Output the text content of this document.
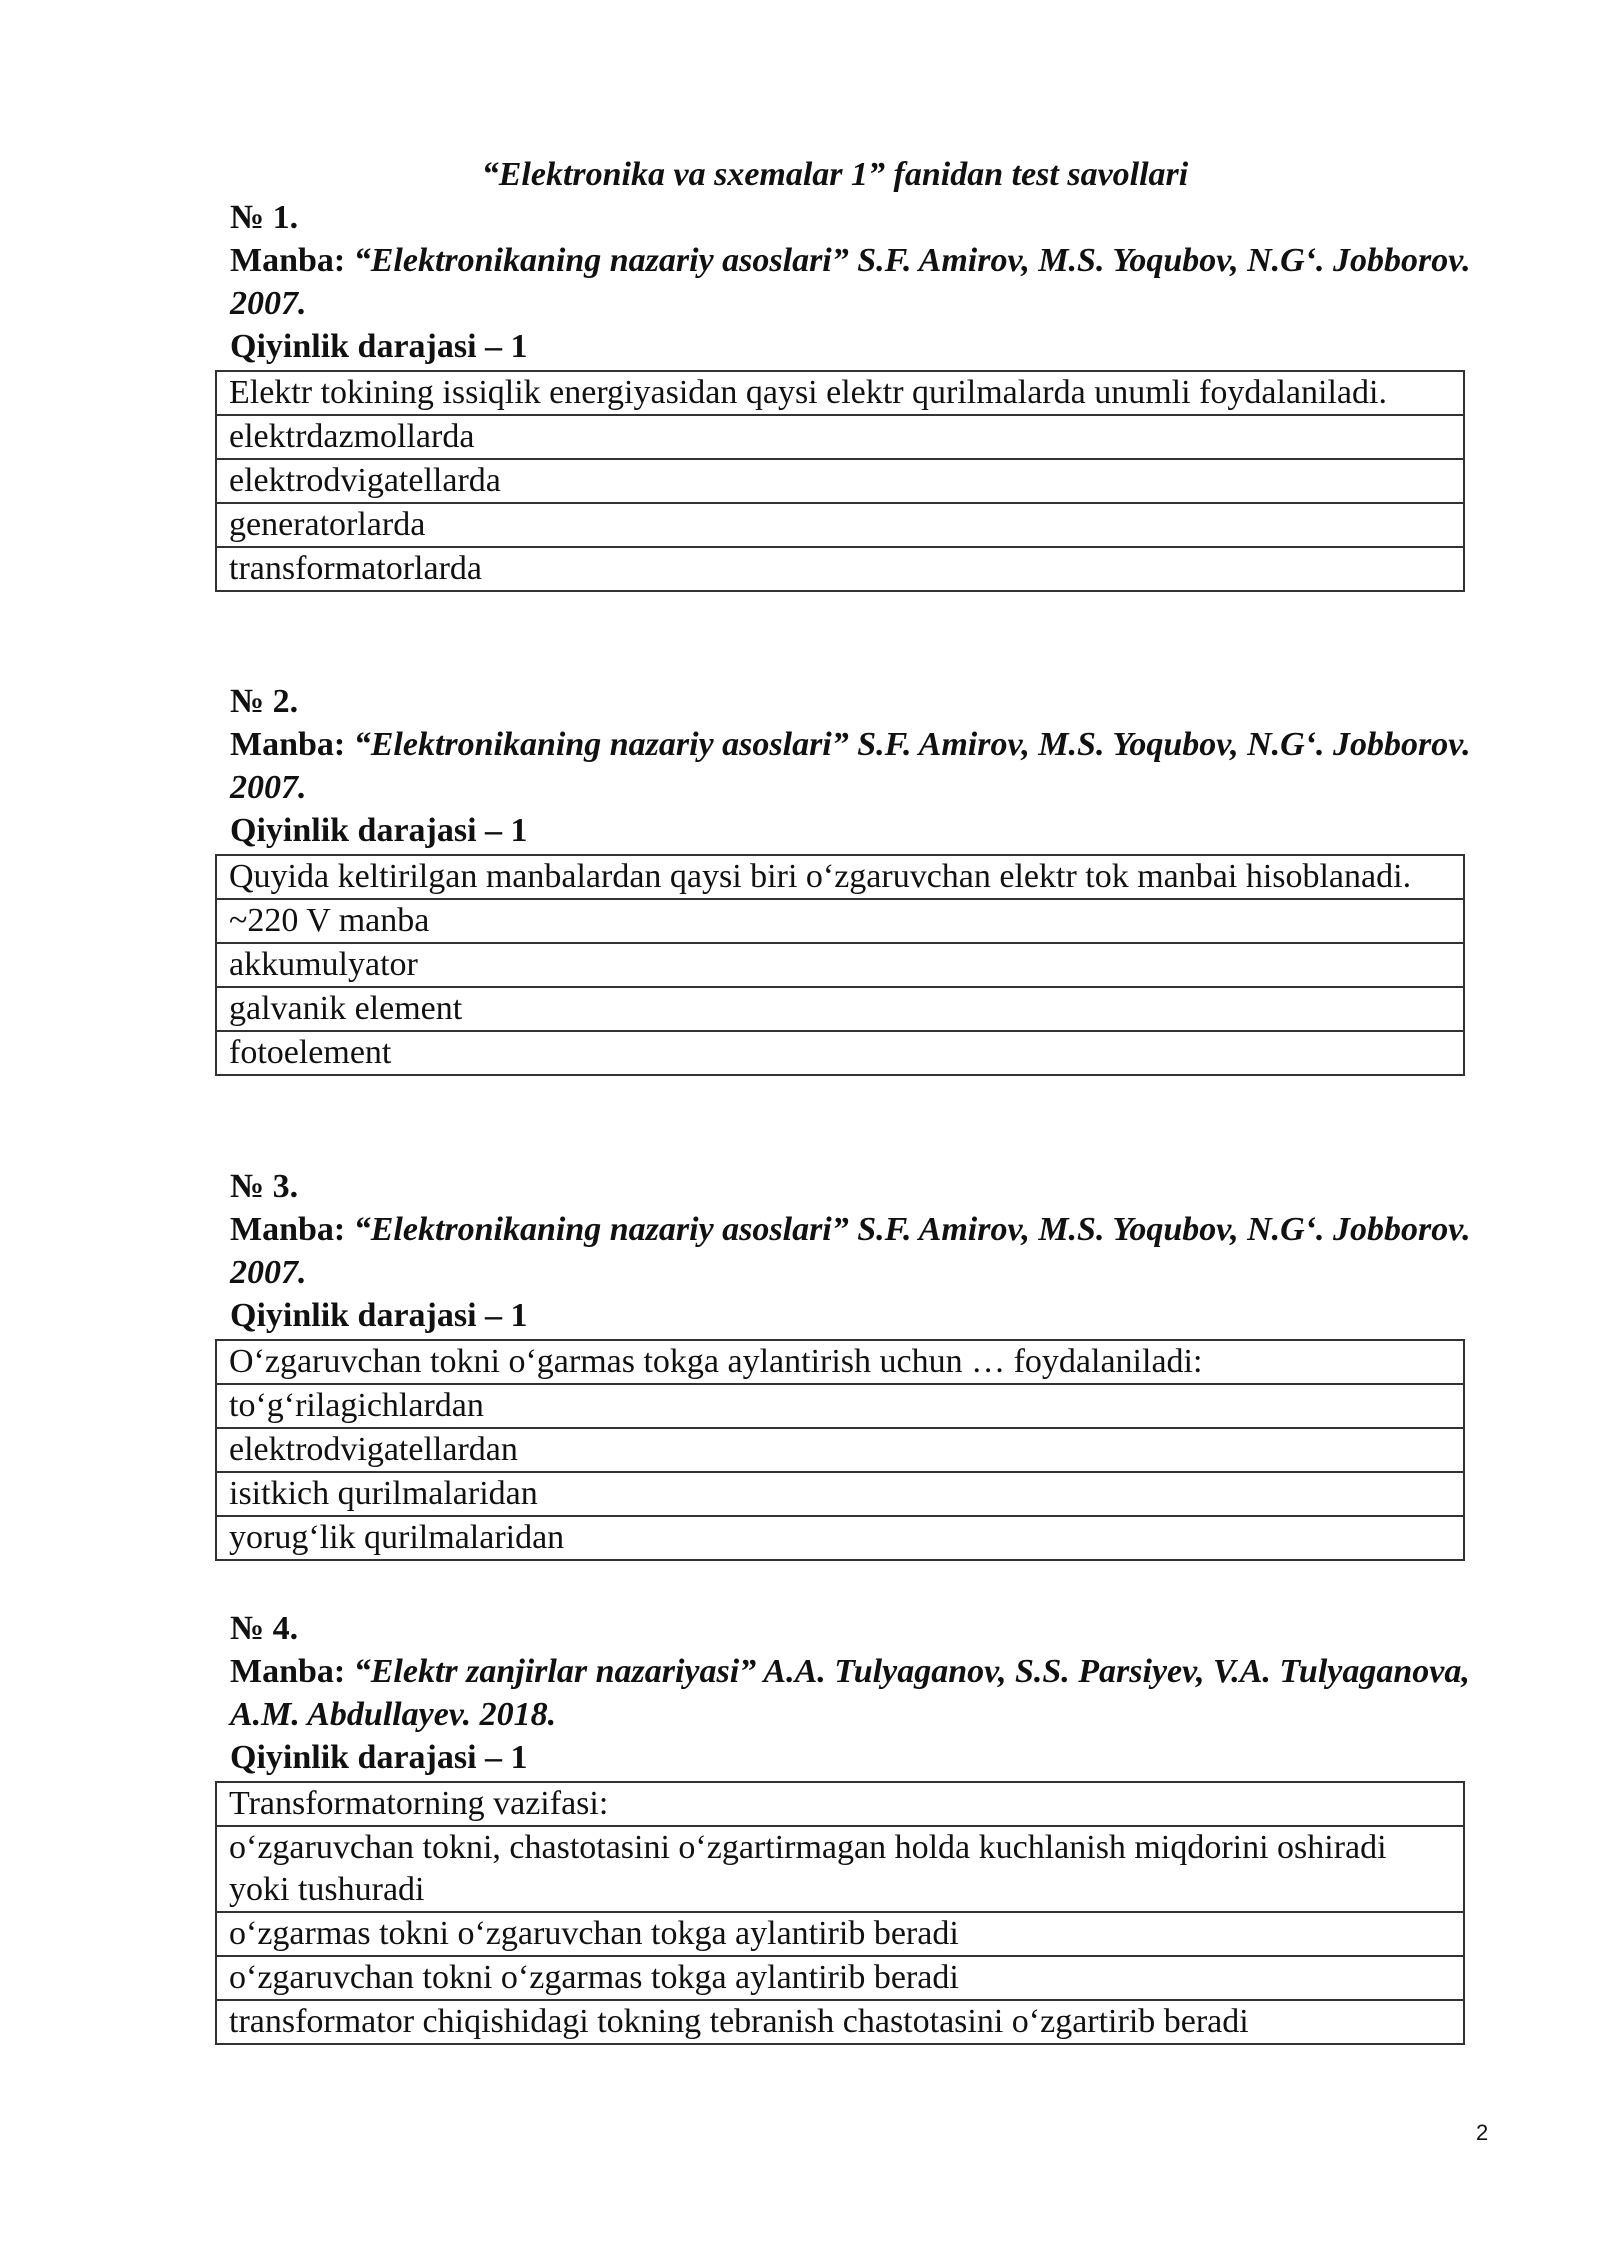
“Elektronika va sxemalar 1” fanidan test savollari
№ 1.
Manba: “Elektronikaning nazariy asoslari” S.F. Amirov, M.S. Yoqubov, N.G‘. Jobborov. 2007.
Qiyinlik darajasi – 1
Elektr tokining issiqlik energiyasidan qaysi elektr qurilmalarda unumli foydalaniladi.
elektrdazmollarda
elektrodvigatellarda
generatorlarda
transformatorlarda
№ 2.
Manba: “Elektronikaning nazariy asoslari” S.F. Amirov, M.S. Yoqubov, N.G‘. Jobborov. 2007.
Qiyinlik darajasi – 1
Quyida keltirilgan manbalardan qaysi biri o‘zgaruvchan elektr tok manbai hisoblanadi.
~220 V manba
akkumulyator
galvanik element
fotoelement
№ 3.
Manba: “Elektronikaning nazariy asoslari” S.F. Amirov, M.S. Yoqubov, N.G‘. Jobborov. 2007.
Qiyinlik darajasi – 1
O‘zgaruvchan tokni o‘garmas tokga aylantirish uchun … foydalaniladi:
to‘g‘rilagichlardan
elektrodvigatellardan
isitkich qurilmalaridan
yorug‘lik qurilmalaridan
№ 4.
Manba: “Elektr zanjirlar nazariyasi” A.A. Tulyaganov, S.S. Parsiyev, V.A. Tulyaganova, A.M. Abdullayev. 2018.
Qiyinlik darajasi – 1
Transformatorning vazifasi:
o‘zgaruvchan tokni, chastotasini o‘zgartirmagan holda kuchlanish miqdorini oshiradi yoki tushuradi
o‘zgarmas tokni o‘zgaruvchan tokga aylantirib beradi
o‘zgaruvchan tokni o‘zgarmas tokga aylantirib beradi
transformator chiqishidagi tokning tebranish chastotasini o‘zgartirib beradi
2
